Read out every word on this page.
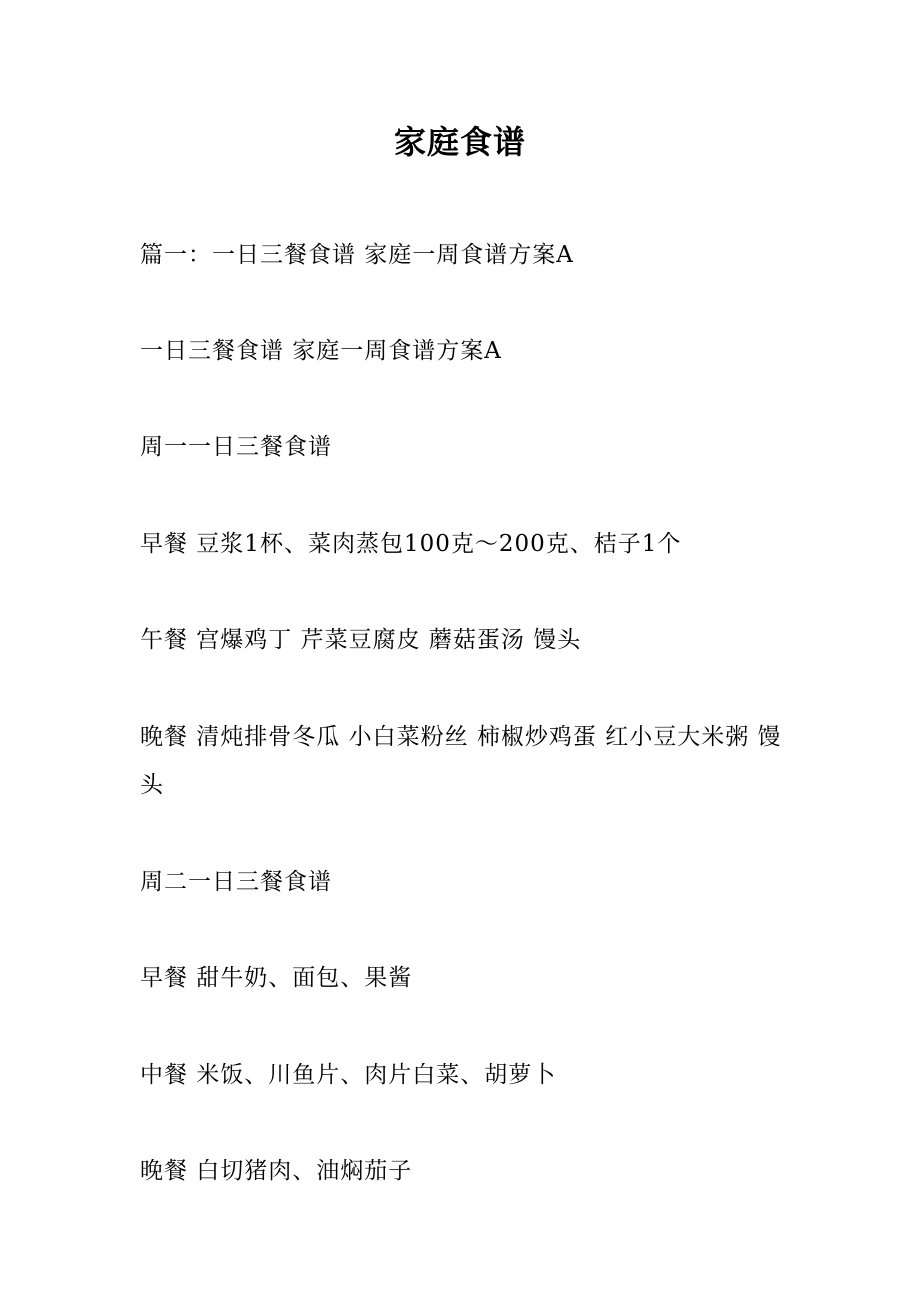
家庭食谱
篇一：一日三餐食谱 家庭一周食谱方案A
一日三餐食谱 家庭一周食谱方案A
周一一日三餐食谱
早餐 豆浆1杯、菜肉蒸包100克～200克、桔子1个
午餐 宫爆鸡丁 芹菜豆腐皮 蘑菇蛋汤 馒头
晚餐 清炖排骨冬瓜 小白菜粉丝 柿椒炒鸡蛋 红小豆大米粥 馒头
周二一日三餐食谱
早餐 甜牛奶、面包、果酱
中餐 米饭、川鱼片、肉片白菜、胡萝卜
晚餐 白切猪肉、油焖茄子
